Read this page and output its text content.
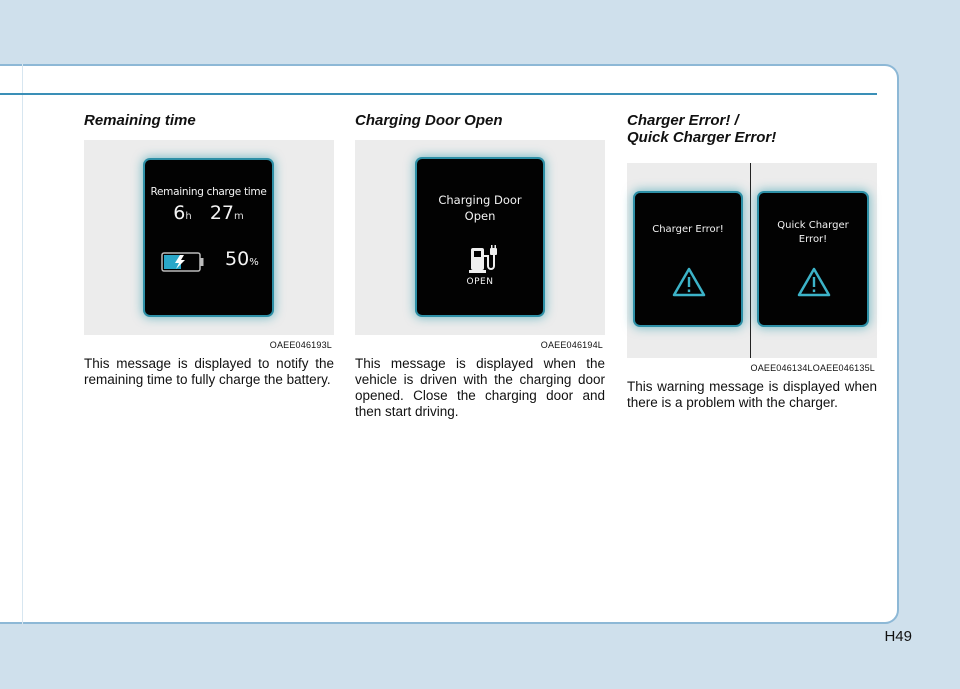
Remaining time
Remaining charge time
6h 27m
50%
OAEE046193L

This message is displayed to notify the remaining time to fully charge the battery.

Charging Door Open
Charging Door
Open
OPEN
OAEE046194L

This message is displayed when the vehicle is driven with the charging door opened. Close the charging door and then start driving.

Charger Error! /
Quick Charger Error!
Charger Error!	Quick Charger
Error!
OAEE046134LOAEE046135L

This warning message is displayed when there is a problem with the charger.

H49
